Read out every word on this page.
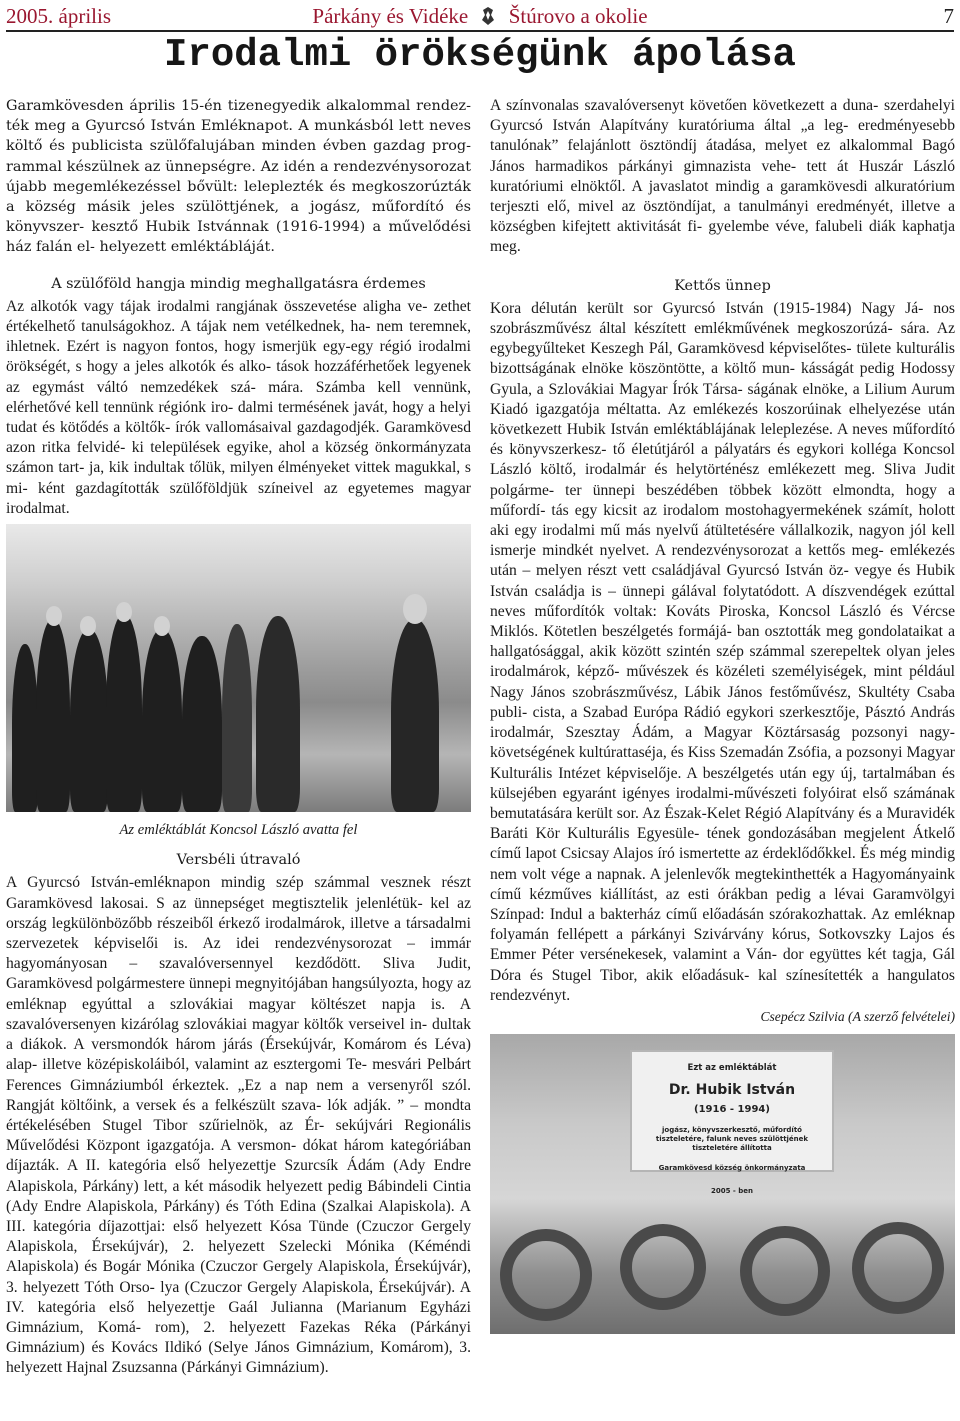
2005. április	Párkány és Vidéke Štúrovo a okolie	7
Irodalmi örökségünk ápolása

Garamkövesden április 15-én tizenegyedik alkalommal rendez- ték meg a Gyurcsó István Emléknapot. A munkásból lett neves költő és publicista szülőfalujában minden évben gazdag prog- rammal készülnek az ünnepségre. Az idén a rendezvénysorozat újabb megemlékezéssel bővült: leleplezték és megkoszorúzták a község másik jeles szülöttjének, a jogász, műfordító és könyvszer- kesztő Hubik Istvánnak (1916-1994) a művelődési ház falán el- helyezett emléktábláját.

A szülőföld hangja mindig meghallgatásra érdemes

Az alkotók vagy tájak irodalmi rangjának összevetése aligha ve- zethet értékelhető tanulságokhoz. A tájak nem vetélkednek, ha- nem teremnek, ihletnek. Ezért is nagyon fontos, hogy ismerjük egy-egy régió irodalmi örökségét, s hogy a jeles alkotók és alko- tások hozzáférhetőek legyenek az egymást váltó nemzedékek szá- mára. Számba kell vennünk, elérhetővé kell tennünk régiónk iro- dalmi termésének javát, hogy a helyi tudat és kötődés a költők- írók vallomásaival gazdagodjék. Garamkövesd azon ritka felvidé- ki települések egyike, ahol a község önkormányzata számon tart- ja, kik indultak tőlük, milyen élményeket vittek magukkal, s mi- ként gazdagították szülőföldjük színeivel az egyetemes magyar irodalmat.

Az emléktáblát Koncsol László avatta fel
Versbéli útravaló

A Gyurcsó István-emléknapon mindig szép számmal vesznek részt Garamkövesd lakosai. S az ünnepséget megtisztelik jelenlétük- kel az ország legkülönbözőbb részeiből érkező irodalmárok, illetve a társadalmi szervezetek képviselői is. Az idei rendezvénysorozat – immár hagyományosan – szavalóversennyel kezdődött. Sliva Judit, Garamkövesd polgármestere ünnepi megnyitójában hangsúlyozta, hogy az emléknap egyúttal a szlovákiai magyar költészet napja is. A szavalóversenyen kizárólag szlovákiai magyar költők verseivel in- dultak a diákok. A versmondók három járás (Érsekújvár, Komárom és Léva) alap- illetve középiskoláiból, valamint az esztergomi Te- mesvári Pelbárt Ferences Gimnáziumból érkeztek. „Ez a nap nem a versenyről szól. Rangját költőink, a versek és a felkészült szava- lók adják. ” – mondta értékelésében Stugel Tibor szűrielnök, az Ér- sekújvári Regionális Művelődési Központ igazgatója. A versmon- dókat három kategóriában díjazták. A II. kategória első helyezettje Szurcsík Ádám (Ady Endre Alapiskola, Párkány) lett, a két második helyezett pedig Bábindeli Cintia (Ady Endre Alapiskola, Párkány) és Tóth Edina (Szalkai Alapiskola). A III. kategória díjazottjai: első helyezett Kósa Tünde (Czuczor Gergely Alapiskola, Érsekújvár), 2. helyezett Szelecki Mónika (Kéméndi Alapiskola) és Bogár Mónika (Czuczor Gergely Alapiskola, Érsekújvár), 3. helyezett Tóth Orso- lya (Czuczor Gergely Alapiskola, Érsekújvár). A IV. kategória első helyezettje Gaál Julianna (Marianum Egyházi Gimnázium, Komá- rom), 2. helyezett Fazekas Réka (Párkányi Gimnázium) és Kovács Ildikó (Selye János Gimnázium, Komárom), 3. helyezett Hajnal Zsuzsanna (Párkányi Gimnázium).

A színvonalas szavalóversenyt követően következett a duna- szerdahelyi Gyurcsó István Alapítvány kuratóriuma által „a leg- eredményesebb tanulónak” felajánlott ösztöndíj átadása, melyet ez alkalommal Bagó János harmadikos párkányi gimnazista vehe- tett át Huszár László kuratóriumi elnöktől. A javaslatot mindig a garamkövesdi alkuratórium terjeszti elő, mivel az ösztöndíjat, a tanulmányi eredményét, illetve a községben kifejtett aktivitását fi- gyelembe véve, falubeli diák kaphatja meg.

Kettős ünnep

Kora délután került sor Gyurcsó István (1915-1984) Nagy Já- nos szobrászművész által készített emlékművének megkoszorúzá- sára. Az egybegyűlteket Keszegh Pál, Garamkövesd képviselőtes- tülete kulturális bizottságának elnöke köszöntötte, a költő mun- kásságát pedig Hodossy Gyula, a Szlovákiai Magyar Írók Társa- ságának elnöke, a Lilium Aurum Kiadó igazgatója méltatta. Az emlékezés koszorúinak elhelyezése után következett Hubik István emléktáblájának leleplezése. A neves műfordító és könyvszerkesz- tő életútjáról a pályatárs és egykori kolléga Koncsol László költő, irodalmár és helytörténész emlékezett meg. Sliva Judit polgárme- ter ünnepi beszédében többek között elmondta, hogy a műfordí- tás egy kicsit az irodalom mostohagyermekének számít, holott aki egy irodalmi mű más nyelvű átültetésére vállalkozik, nagyon jól kell ismerje mindkét nyelvet. A rendezvénysorozat a kettős meg- emlékezés után – melyen részt vett családjával Gyurcsó István öz- vegye és Hubik István családja is – ünnepi gálával folytatódott. A díszvendégek ezúttal neves műfordítók voltak: Kováts Piroska, Koncsol László és Vércse Miklós. Kötetlen beszélgetés formájá- ban osztották meg gondolataikat a hallgatósággal, akik között szintén szép számmal szerepeltek olyan jeles irodalmárok, képző- művészek és közéleti személyiségek, mint például Nagy János szobrászművész, Lábik János festőművész, Skultéty Csaba publi- cista, a Szabad Európa Rádió egykori szerkesztője, Pásztó András irodalmár, Szesztay Ádám, a Magyar Köztársaság pozsonyi nagy- követségének kultúrattaséja, és Kiss Szemadán Zsófia, a pozsonyi Magyar Kulturális Intézet képviselője. A beszélgetés után egy új, tartalmában és külsejében egyaránt igényes irodalmi-művészeti folyóirat első számának bemutatására került sor. Az Észak-Kelet Régió Alapítvány és a Muravidék Baráti Kör Kulturális Egyesüle- tének gondozásában megjelent Átkelő című lapot Csicsay Alajos író ismertette az érdeklődőkkel. És még mindig nem volt vége a napnak. A jelenlevők megtekinthették a Hagyományaink című kézműves kiállítást, az esti órákban pedig a lévai Garamvölgyi Színpad: Indul a bakterház című előadásán szórakozhattak. Az emléknap folyamán fellépett a párkányi Szivárvány kórus, Sotkovszky Lajos és Emmer Péter versénekesek, valamint a Ván- dor együttes két tagja, Gál Dóra és Stugel Tibor, akik előadásuk- kal színesítették a hangulatos rendezvényt.

Csepécz Szilvia (A szerző felvételei)
Ezt az emléktáblát
Dr. Hubik István
(1916 - 1994)
jogász, könyvszerkesztő, műfordító tiszteletére, falunk neves szülöttjének tiszteletére állította
Garamkövesd község önkormányzata
2005 - ben
